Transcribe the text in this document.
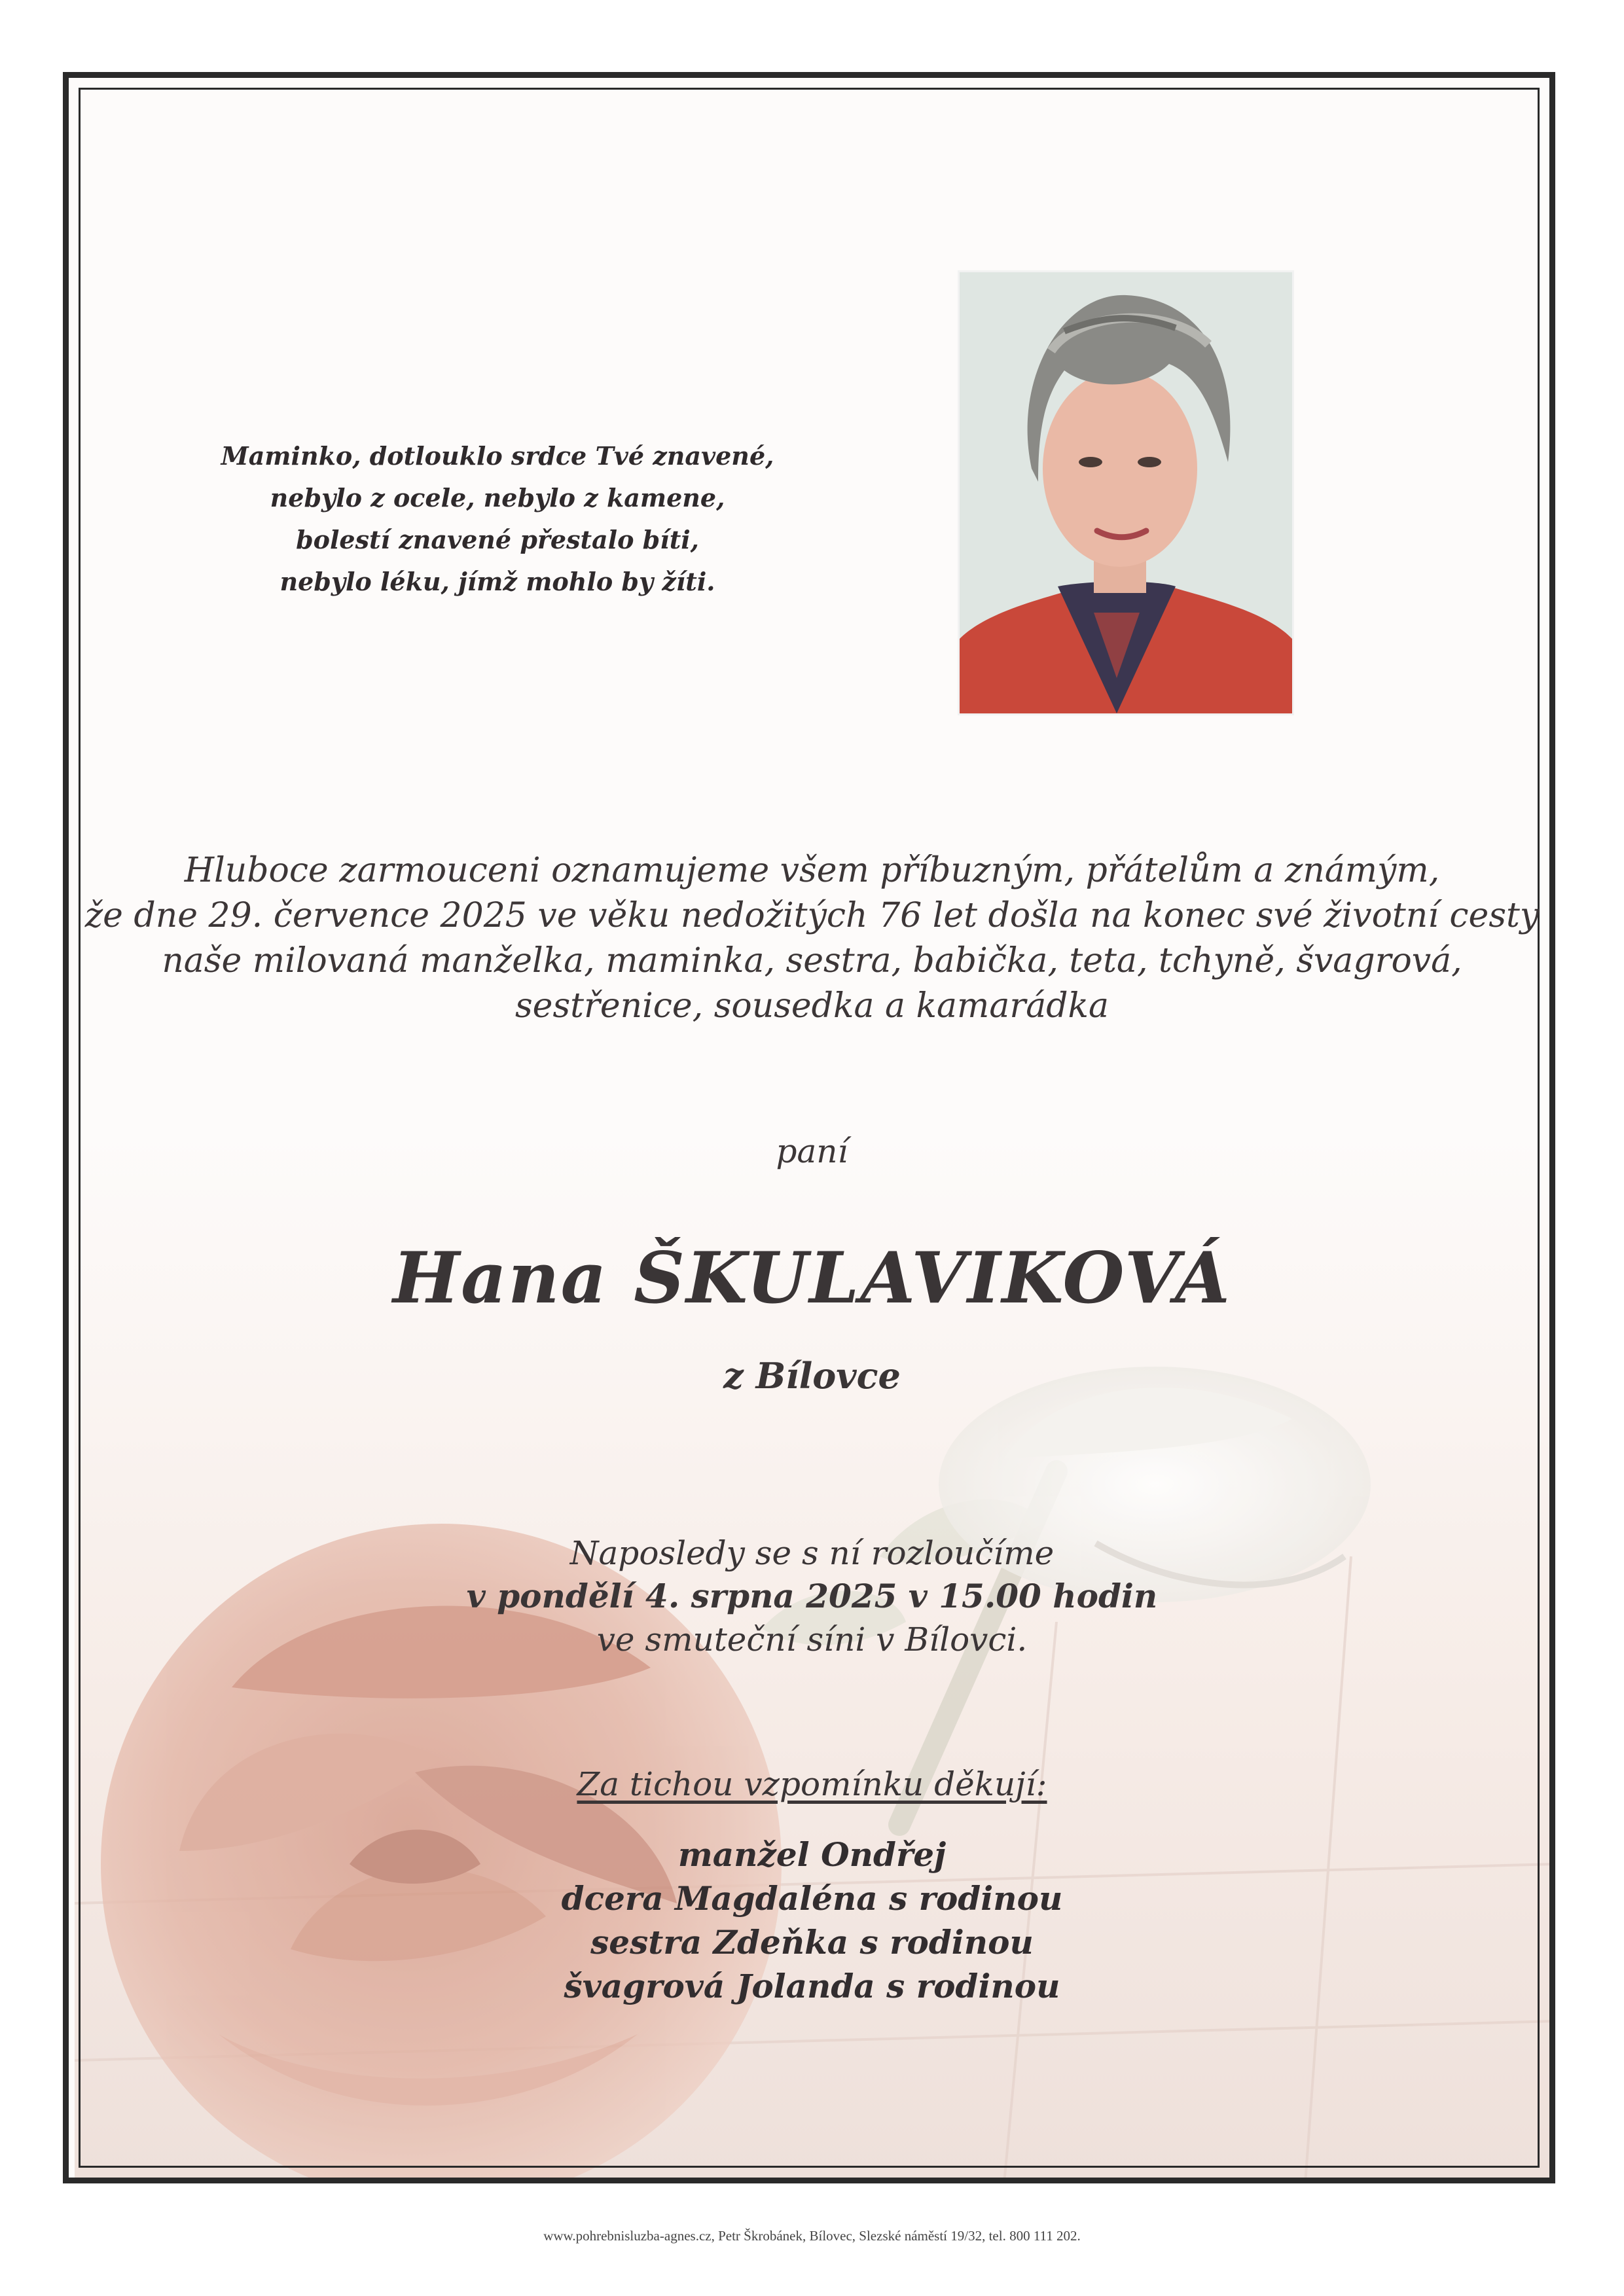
Maminko, dotlouklo srdce Tvé znavené,
nebylo z ocele, nebylo z kamene,
bolestí znavené přestalo bíti,
nebylo léku, jímž mohlo by žíti.
Hluboce zarmouceni oznamujeme všem příbuzným, přátelům a známým,
že dne 29. července 2025 ve věku nedožitých 76 let došla na konec své životní cesty
naše milovaná manželka, maminka, sestra, babička, teta, tchyně, švagrová,
sestřenice, sousedka a kamarádka
paní
Hana ŠKULAVIKOVÁ
z Bílovce
Naposledy se s ní rozloučíme
v pondělí 4. srpna 2025 v 15.00 hodin
ve smuteční síni v Bílovci.
Za tichou vzpomínku děkují:
manžel Ondřej
dcera Magdaléna s rodinou
sestra Zdeňka s rodinou
švagrová Jolanda s rodinou
www.pohrebnisluzba-agnes.cz, Petr Škrobánek, Bílovec, Slezské náměstí 19/32, tel. 800 111 202.
